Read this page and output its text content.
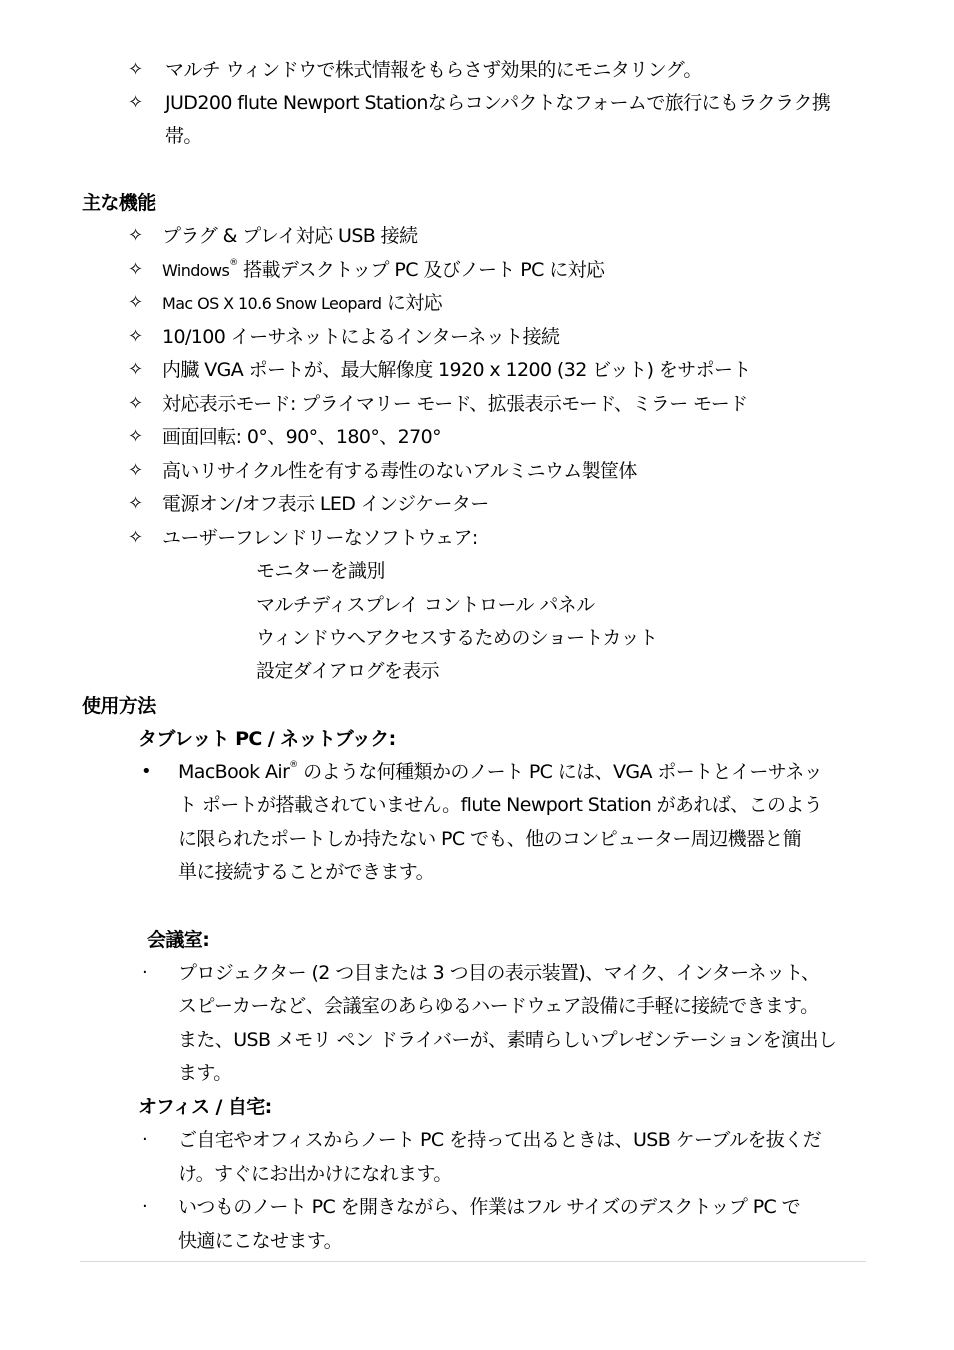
✧ マルチ ウィンドウで株式情報をもらさず効果的にモニタリング。
✧ JUD200 flute Newport Stationならコンパクトなフォームで旅行にもラクラク携
帯。
主な機能
✧ プラグ & プレイ対応 USB 接続
✧ Windows® 搭載デスクトップ PC 及びノート PC に対応
✧ Mac OS X 10.6 Snow Leopard に対応
✧ 10/100 イーサネットによるインターネット接続
✧ 内臓 VGA ポートが、最大解像度 1920 x 1200 (32 ビット) をサポート
✧ 対応表示モード: プライマリー モード、拡張表示モード、ミラー モード
✧ 画面回転: 0°、90°、180°、270°
✧ 高いリサイクル性を有する毒性のないアルミニウム製筐体
✧ 電源オン/オフ表示 LED インジケーター
✧ ユーザーフレンドリーなソフトウェア:
モニターを識別
マルチディスプレイ コントロール パネル
ウィンドウへアクセスするためのショートカット
設定ダイアログを表示
使用方法
タブレット PC / ネットブック:
• MacBook Air® のような何種類かのノート PC には、VGA ポートとイーサネッ
ト ポートが搭載されていません。flute Newport Station があれば、このよう
に限られたポートしか持たない PC でも、他のコンピューター周辺機器と簡
単に接続することができます。
会議室:
· プロジェクター (2 つ目または 3 つ目の表示装置)、マイク、インターネット、
スピーカーなど、会議室のあらゆるハードウェア設備に手軽に接続できます。
また、USB メモリ ペン ドライバーが、素晴らしいプレゼンテーションを演出し
ます。
オフィス / 自宅:
· ご自宅やオフィスからノート PC を持って出るときは、USB ケーブルを抜くだ
け。すぐにお出かけになれます。
· いつものノート PC を開きながら、作業はフル サイズのデスクトップ PC で
快適にこなせます。
